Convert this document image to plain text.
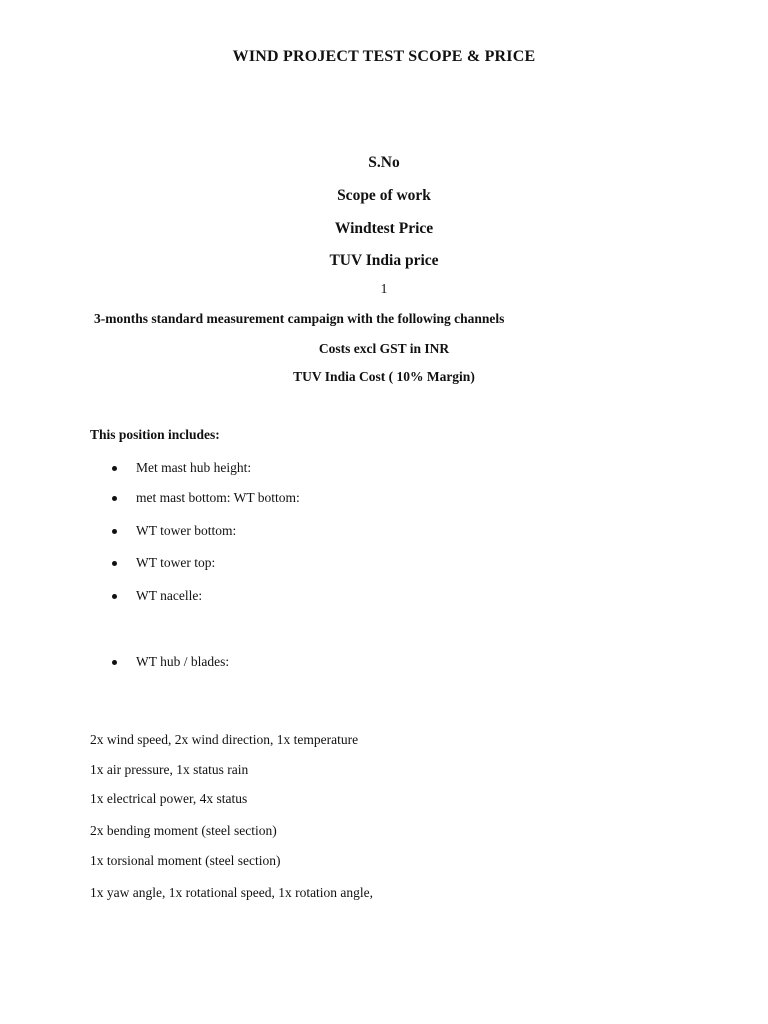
WIND PROJECT TEST SCOPE & PRICE
S.No
Scope of work
Windtest Price
TUV India price
1
3-months standard measurement campaign with the following channels
Costs excl GST in INR
TUV India Cost ( 10% Margin)
This position includes:
Met mast hub height:
met mast bottom: WT bottom:
WT tower bottom:
WT tower top:
WT nacelle:
WT hub / blades:
2x wind speed, 2x wind direction, 1x temperature
1x air pressure, 1x status rain
1x electrical power, 4x status
2x bending moment (steel section)
1x torsional moment (steel section)
1x yaw angle, 1x rotational speed, 1x rotation angle,
